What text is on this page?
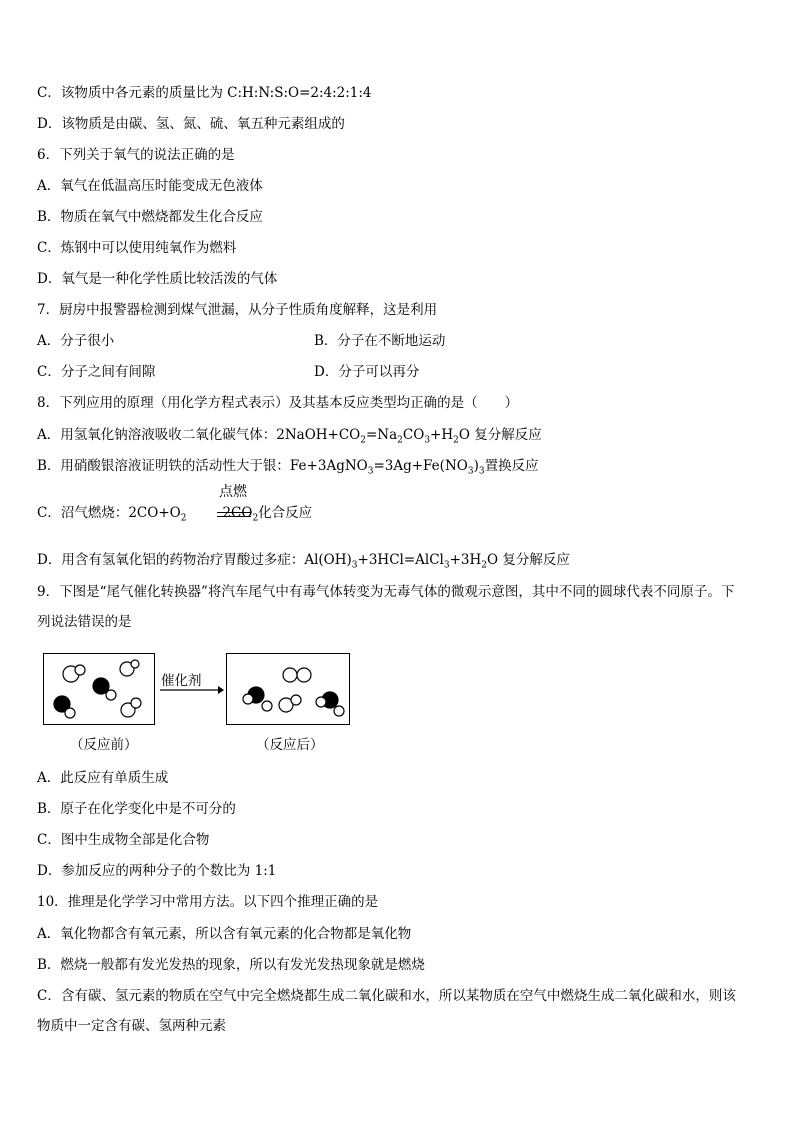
C．该物质中各元素的质量比为 C:H:N:S:O=2:4:2:1:4
D．该物质是由碳、氢、氮、硫、氧五种元素组成的
6．下列关于氧气的说法正确的是
A．氧气在低温高压时能变成无色液体
B．物质在氧气中燃烧都发生化合反应
C．炼钢中可以使用纯氧作为燃料
D．氧气是一种化学性质比较活泼的气体
7．厨房中报警器检测到煤气泄漏，从分子性质角度解释，这是利用
A．分子很小	B．分子在不断地运动
C．分子之间有间隙	D．分子可以再分
8．下列应用的原理（用化学方程式表示）及其基本反应类型均正确的是（　　）
A．用氢氧化钠溶液吸收二氧化碳气体：$2NaOH+CO_2=Na_2CO_3+H_2O$ 复分解反应
B．用硝酸银溶液证明铁的活动性大于银：$Fe+3AgNO_3=3Ag+Fe(NO_3)_3$置换反应
C．沼气燃烧：$2CO+O_2$	$2CO_2$化合反应
点燃
D．用含有氢氧化铝的药物治疗胃酸过多症：$Al(OH)_3+3HCl=AlCl_3+3H_2O$ 复分解反应
9．下图是“尾气催化转换器”将汽车尾气中有毒气体转变为无毒气体的微观示意图，其中不同的圆球代表不同原子。下
列说法错误的是
催化剂
（反应前）	（反应后）
A．此反应有单质生成
B．原子在化学变化中是不可分的
C．图中生成物全部是化合物
D．参加反应的两种分子的个数比为 1:1
10．推理是化学学习中常用方法。以下四个推理正确的是
A．氧化物都含有氧元素，所以含有氧元素的化合物都是氧化物
B．燃烧一般都有发光发热的现象，所以有发光发热现象就是燃烧
C．含有碳、氢元素的物质在空气中完全燃烧都生成二氧化碳和水，所以某物质在空气中燃烧生成二氧化碳和水，则该
物质中一定含有碳、氢两种元素
